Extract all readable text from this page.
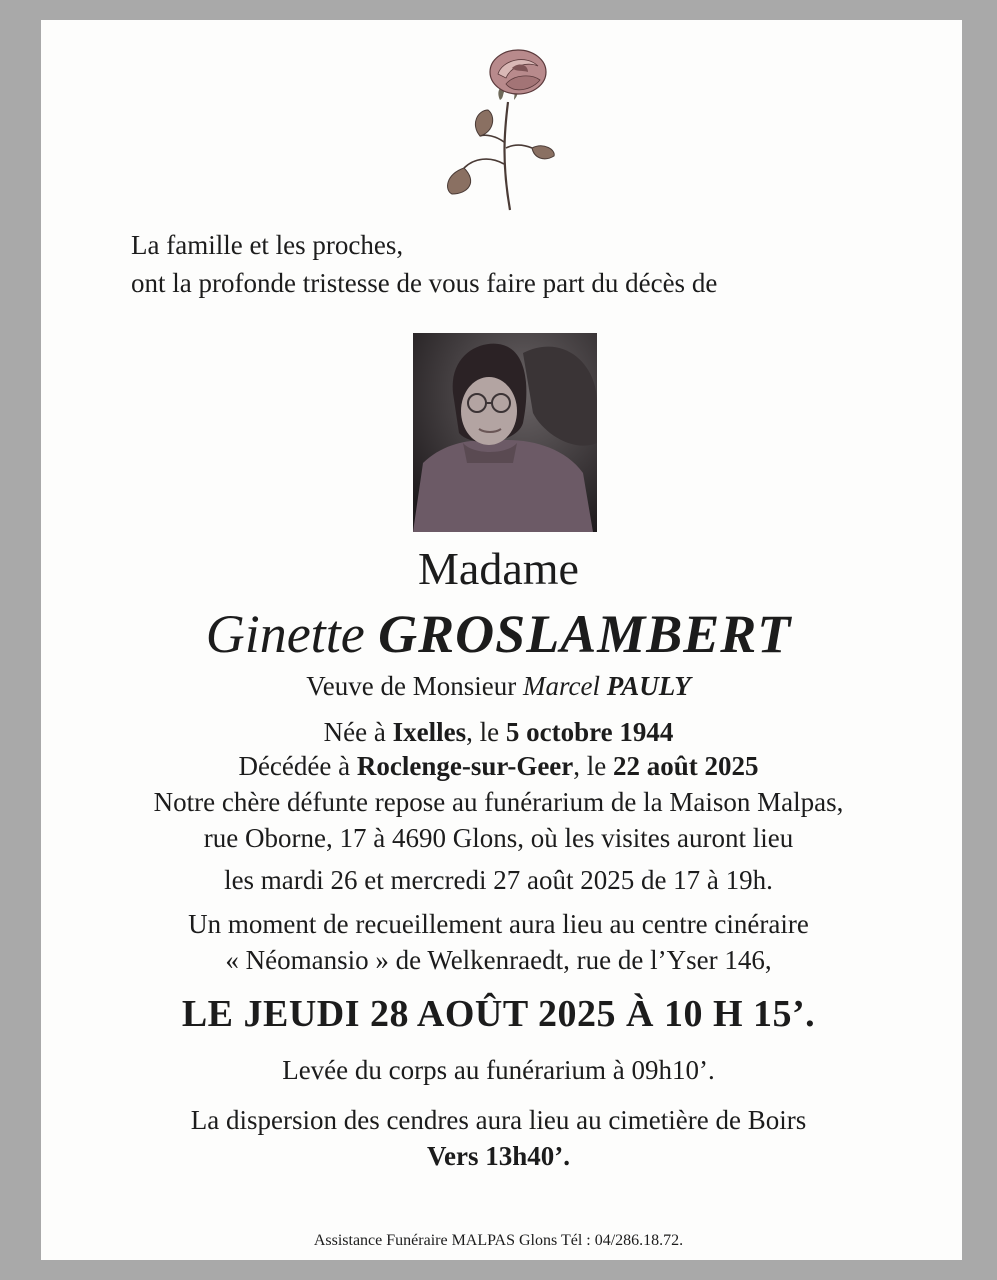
La famille et les proches,
ont la profonde tristesse de vous faire part du décès de
Madame
Ginette GROSLAMBERT
Veuve de Monsieur Marcel PAULY
Née à Ixelles, le 5 octobre 1944
Décédée à Roclenge-sur-Geer, le 22 août 2025
Notre chère défunte repose au funérarium de la Maison Malpas,
rue Oborne, 17 à 4690 Glons, où les visites auront lieu
les mardi 26 et mercredi 27 août 2025 de 17 à 19h.
Un moment de recueillement aura lieu au centre cinéraire
« Néomansio » de Welkenraedt, rue de l’Yser 146,
LE JEUDI 28 AOÛT 2025 À 10 H 15’.
Levée du corps au funérarium à 09h10’.
La dispersion des cendres aura lieu au cimetière de Boirs
Vers 13h40’.
Assistance Funéraire MALPAS Glons Tél : 04/286.18.72.
